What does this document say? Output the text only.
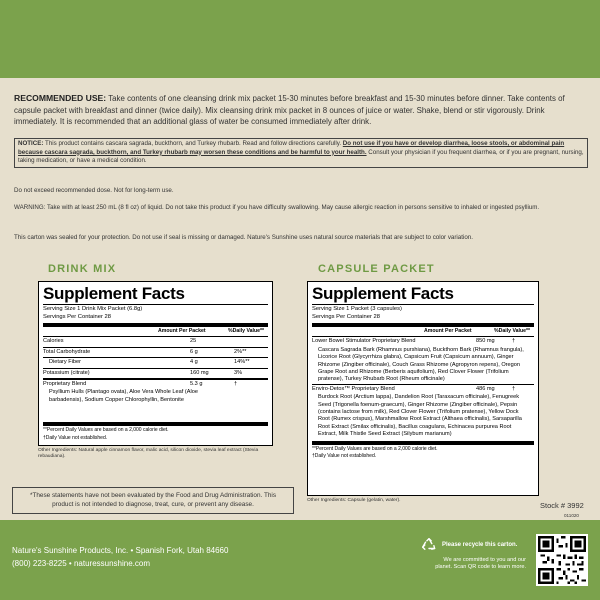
RECOMMENDED USE: Take contents of one cleansing drink mix packet 15-30 minutes before breakfast and 15-30 minutes before dinner. Take contents of capsule packet with breakfast and dinner (twice daily). Mix cleansing drink mix packet in 8 ounces of juice or water. Shake, blend or stir vigorously. Drink immediately. It is recommended that an additional glass of water be consumed immediately after drink.
NOTICE: This product contains cascara sagrada, buckthorn, and Turkey rhubarb. Read and follow directions carefully. Do not use if you have or develop diarrhea, loose stools, or abdominal pain because cascara sagrada, buckthorn, and Turkey rhubarb may worsen these conditions and be harmful to your health. Consult your physician if you frequent diarrhea, or if you are pregnant, nursing, taking medication, or have a medical condition.
Do not exceed recommended dose. Not for long-term use.
WARNING: Take with at least 250 mL (8 fl oz) of liquid. Do not take this product if you have difficulty swallowing. May cause allergic reaction in persons sensitive to inhaled or ingested psyllium.
This carton was sealed for your protection. Do not use if seal is missing or damaged. Nature's Sunshine uses natural source materials that are subject to color variation.
DRINK MIX	CAPSULE PACKET
Supplement Facts
Serving Size 1 Drink Mix Packet (6.8g)
Servings Per Container 28
Amount Per Packet	%Daily Value**
Calories	25
Total Carbohydrate	6 g	2%**
Dietary Fiber	4 g	14%**
Potassium (citrate)	160 mg	3%
Proprietary Blend	5.3 g	†
Psyllium Hulls (Plantago ovata), Aloe Vera Whole Leaf (Aloe barbadensis), Sodium Copper Chlorophyllin, Bentonite
**Percent Daily Values are based on a 2,000 calorie diet.
†Daily Value not established.
Other Ingredients: Natural apple cinnamon flavor, malic acid, silicon dioxide, stevia leaf extract (Stevia rebaudiana).
Supplement Facts
Serving Size 1 Packet (3 capsules)
Servings Per Container 28
Amount Per Packet	%Daily Value**
Lower Bowel Stimulator Proprietary Blend	850 mg	†
Cascara Sagrada Bark (Rhamnus purshiana), Buckthorn Bark (Rhamnus frangula), Licorice Root (Glycyrrhiza glabra), Capsicum Fruit (Capsicum annuum), Ginger Rhizome (Zingiber officinale), Couch Grass Rhizome (Agropyron repens), Oregon Grape Root and Rhizome (Berberis aquifolium), Red Clover Flower (Trifolium pratense), Turkey Rhubarb Root (Rheum officinale)
Enviro-Detox™ Proprietary Blend	486 mg	†
Burdock Root (Arctium lappa), Dandelion Root (Taraxacum officinale), Fenugreek Seed (Trigonella foenum-graecum), Ginger Rhizome (Zingiber officinale), Pepsin (contains lactose from milk), Red Clover Flower (Trifolium pratense), Yellow Dock Root (Rumex crispus), Marshmallow Root Extract (Althaea officinalis), Sarsaparilla Root Extract (Smilax officinalis), Bacillus coagulans, Echinacea purpurea Root Extract, Milk Thistle Seed Extract (Silybum marianum)
**Percent Daily Values are based on a 2,000 calorie diet.
†Daily Value not established.
Other Ingredients: Capsule (gelatin, water).
*These statements have not been evaluated by the Food and Drug Administration. This product is not intended to diagnose, treat, cure, or prevent any disease.	Stock # 3992
011020
Nature's Sunshine Products, Inc. • Spanish Fork, Utah 84660
(800) 223-8225 • naturessunshine.com
Please recycle this carton.
We are committed to you and our planet. Scan QR code to learn more.
